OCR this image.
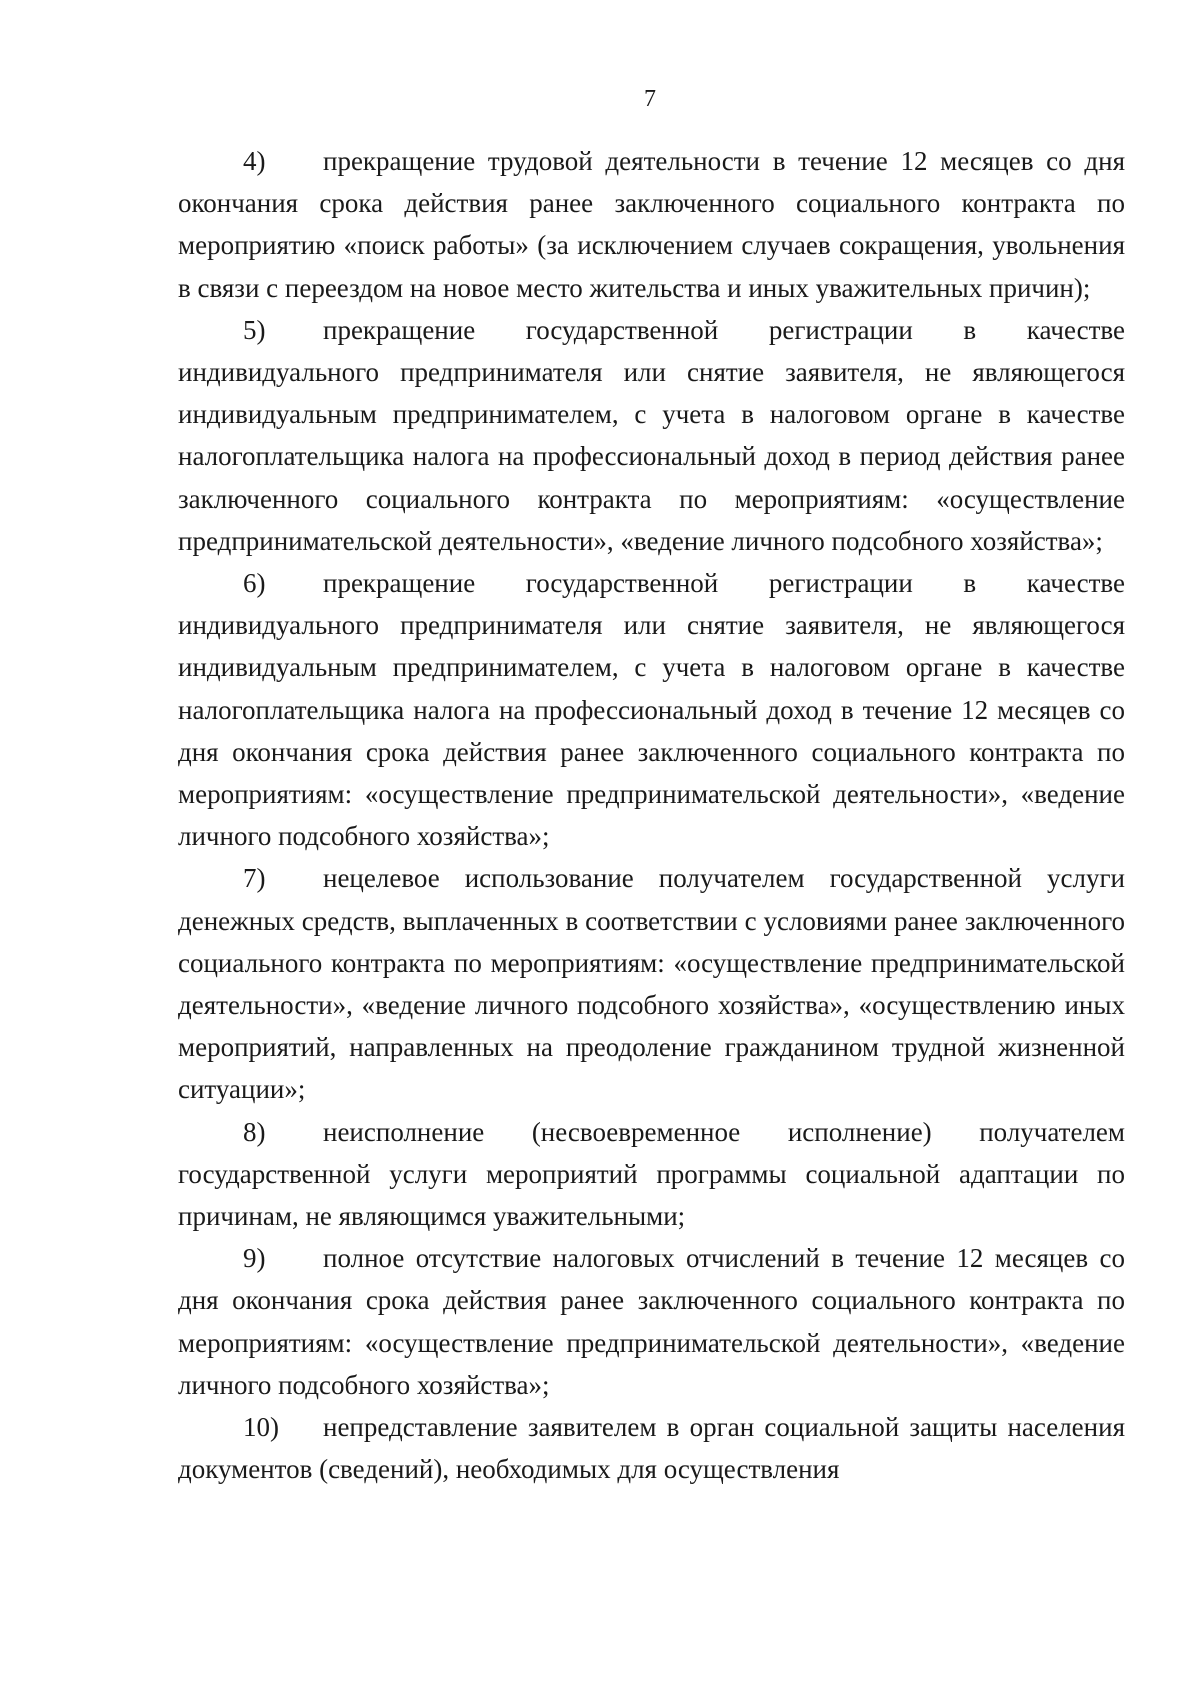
7

4) прекращение трудовой деятельности в течение 12 месяцев со дня окончания срока действия ранее заключенного социального контракта по мероприятию «поиск работы» (за исключением случаев сокращения, увольнения в связи с переездом на новое место жительства и иных уважительных причин);

5) прекращение государственной регистрации в качестве индивидуального предпринимателя или снятие заявителя, не являющегося индивидуальным предпринимателем, с учета в налоговом органе в качестве налогоплательщика налога на профессиональный доход в период действия ранее заключенного социального контракта по мероприятиям: «осуществление предпринимательской деятельности», «ведение личного подсобного хозяйства»;

6) прекращение государственной регистрации в качестве индивидуального предпринимателя или снятие заявителя, не являющегося индивидуальным предпринимателем, с учета в налоговом органе в качестве налогоплательщика налога на профессиональный доход в течение 12 месяцев со дня окончания срока действия ранее заключенного социального контракта по мероприятиям: «осуществление предпринимательской деятельности», «ведение личного подсобного хозяйства»;

7) нецелевое использование получателем государственной услуги денежных средств, выплаченных в соответствии с условиями ранее заключенного социального контракта по мероприятиям: «осуществление предпринимательской деятельности», «ведение личного подсобного хозяйства», «осуществлению иных мероприятий, направленных на преодоление гражданином трудной жизненной ситуации»;

8) неисполнение (несвоевременное исполнение) получателем государственной услуги мероприятий программы социальной адаптации по причинам, не являющимся уважительными;

9) полное отсутствие налоговых отчислений в течение 12 месяцев со дня окончания срока действия ранее заключенного социального контракта по мероприятиям: «осуществление предпринимательской деятельности», «ведение личного подсобного хозяйства»;

10) непредставление заявителем в орган социальной защиты населения документов (сведений), необходимых для осуществления
